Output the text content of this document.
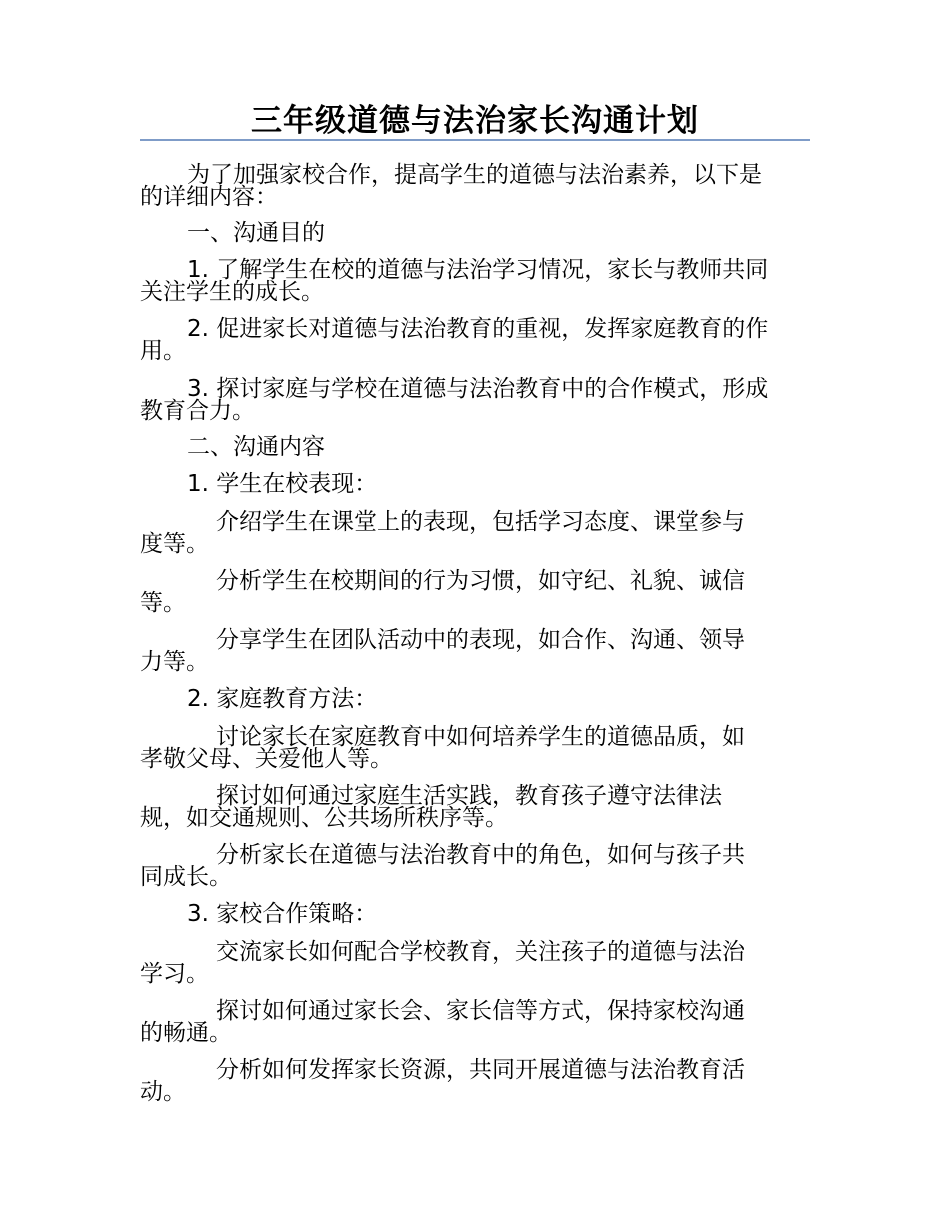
三年级道德与法治家长沟通计划
为了加强家校合作，提高学生的道德与法治素养，以下是
的详细内容：
一、沟通目的
1. 了解学生在校的道德与法治学习情况，家长与教师共同
关注学生的成长。
2. 促进家长对道德与法治教育的重视，发挥家庭教育的作
用。
3. 探讨家庭与学校在道德与法治教育中的合作模式，形成
教育合力。
二、沟通内容
1. 学生在校表现：
介绍学生在课堂上的表现，包括学习态度、课堂参与
度等。
分析学生在校期间的行为习惯，如守纪、礼貌、诚信
等。
分享学生在团队活动中的表现，如合作、沟通、领导
力等。
2. 家庭教育方法：
讨论家长在家庭教育中如何培养学生的道德品质，如
孝敬父母、关爱他人等。
探讨如何通过家庭生活实践，教育孩子遵守法律法
规，如交通规则、公共场所秩序等。
分析家长在道德与法治教育中的角色，如何与孩子共
同成长。
3. 家校合作策略：
交流家长如何配合学校教育，关注孩子的道德与法治
学习。
探讨如何通过家长会、家长信等方式，保持家校沟通
的畅通。
分析如何发挥家长资源，共同开展道德与法治教育活
动。
